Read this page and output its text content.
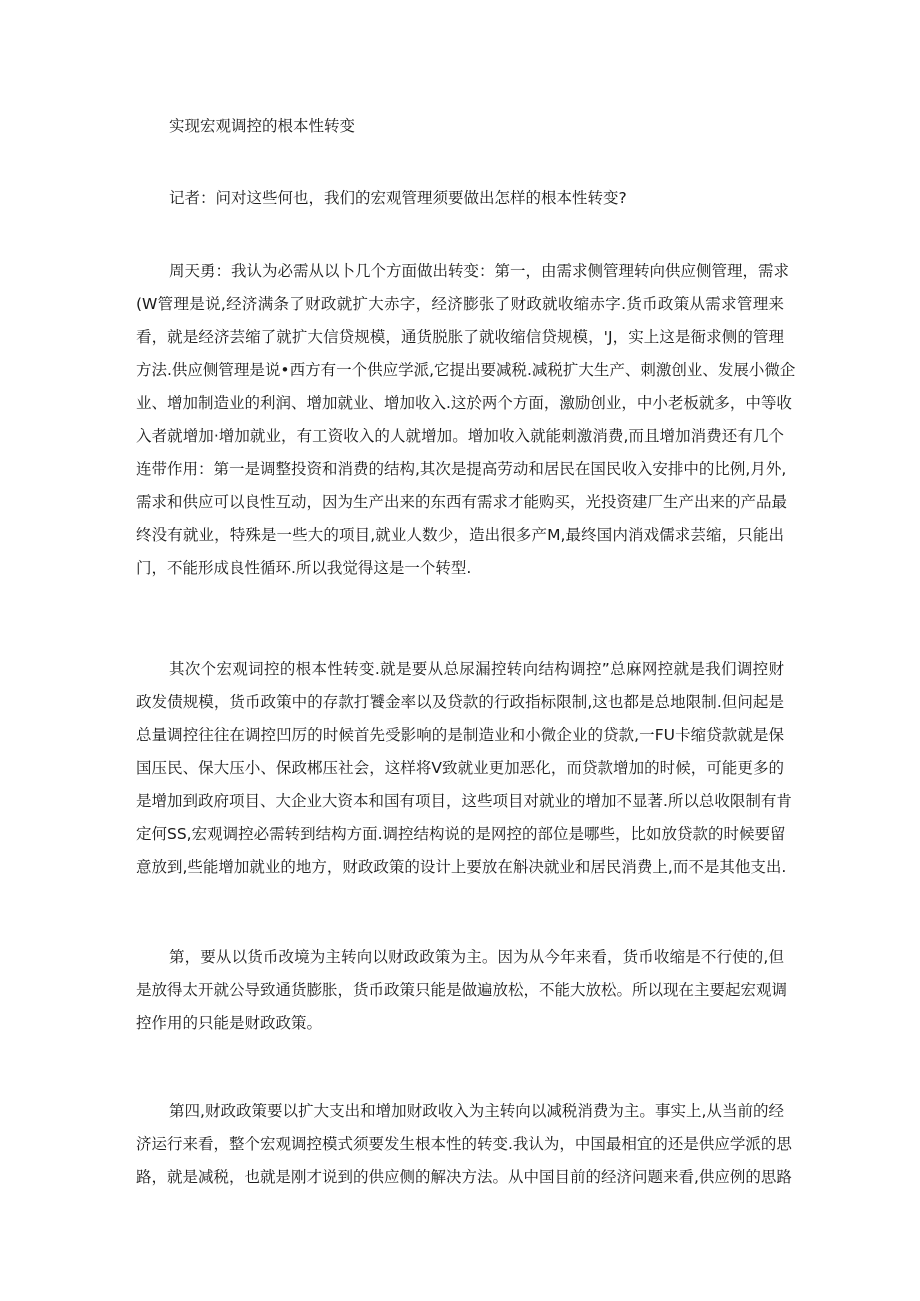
实现宏观调控的根本性转变
记者：问对这些何也，我们的宏观管理须要做出怎样的根本性转变?
周天勇：我认为必需从以卜几个方面做出转变：第一，由需求侧管理转向供应侧管理，需求
(W管理是说,经济满条了财政就扩大赤字，经济膨张了财政就收缩赤字.货币政策从需求管理来
看，就是经济芸缩了就扩大信贷规模，通货脱胀了就收缩信贷规模，'J，实上这是衙求侧的管理
方法.供应侧管理是说•西方有一个供应学派,它提出要减税.减税扩大生产、刺激创业、发展小微企
业、增加制造业的利润、增加就业、增加收入.这於两个方面，激励创业，中小老板就多，中等收
入者就增加·增加就业，有工资收入的人就增加。增加收入就能刺激消费,而且增加消费还有几个
连带作用：第一是调整投资和消费的结构,其次是提高劳动和居民在国民收入安排中的比例,月外,
需求和供应可以良性互动，因为生产出来的东西有需求才能购买，光投资建厂生产出来的产品最
终没有就业，特殊是一些大的项目,就业人数少，造出很多产M,最终国内消戏儒求芸缩，只能出
门，不能形成良性循环.所以我觉得这是一个转型.
其次个宏观词控的根本性转变.就是要从总尿漏控转向结构调控”总麻网控就是我们调控财
政发债规模，货币政策中的存款打饕金率以及贷款的行政指标限制,这也都是总地限制.但问起是
总量调控往往在调控凹厉的时候首先受影响的是制造业和小微企业的贷款,一FU卡缩贷款就是保
国压民、保大压小、保政郴压社会，这样将V致就业更加恶化，而贷款增加的时候，可能更多的
是增加到政府项目、大企业大资本和国有项目，这些项目对就业的增加不显著.所以总收限制有肯
定何SS,宏观调控必需转到结构方面.调控结构说的是网控的部位是哪些，比如放贷款的时候要留
意放到,些能增加就业的地方，财政政策的设计上要放在斛决就业和居民消费上,而不是其他支出.
第，要从以货币改境为主转向以财政政策为主。因为从今年来看，货币收缩是不行使的,但
是放得太开就公导致通货膨胀，货币政策只能是做遍放松，不能大放松。所以现在主要起宏观调
控作用的只能是财政政策。
第四,财政政策要以扩大支出和增加财政收入为主转向以减税消费为主。事实上,从当前的经
济运行来看，整个宏观调控模式须要发生根本性的转变.我认为，中国最相宜的还是供应学派的思
路，就是减税，也就是刚才说到的供应侧的解决方法。从中国目前的经济问题来看,供应例的思路
